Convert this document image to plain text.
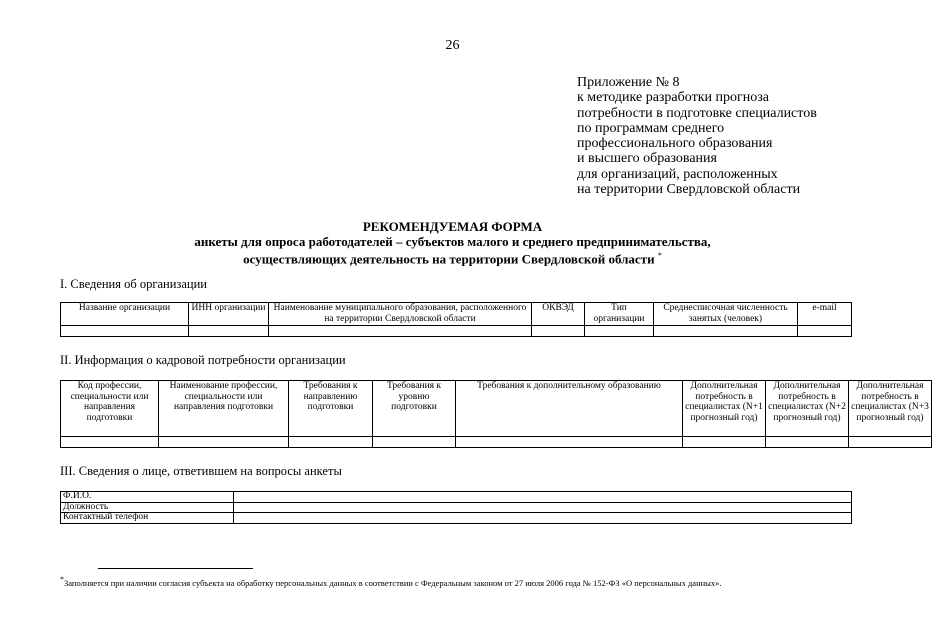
26
Приложение № 8
к методике разработки прогноза
потребности в подготовке специалистов
по программам среднего
профессионального образования
и высшего образования
для организаций, расположенных
на территории Свердловской области
РЕКОМЕНДУЕМАЯ ФОРМА
анкеты для опроса работодателей – субъектов малого и среднего предпринимательства,
осуществляющих деятельность на территории Свердловской области *
I. Сведения об организации
Название организации	ИНН организации	Наименование муниципального образования, расположенного на территории Свердловской области	ОКВЭД	Тип организации	Среднесписочная численность занятых (человек)	e-mail

II. Информация о кадровой потребности организации
Код профессии, специальности или направления подготовки	Наименование профессии, специальности или направления подготовки	Требования к направлению подготовки	Требования к уровню подготовки	Требования к дополнительному образованию	Дополнительная потребность в специалистах (N+1 прогнозный год)	Дополнительная потребность в специалистах (N+2 прогнозный год)	Дополнительная потребность в специалистах (N+3 прогнозный год)

III. Сведения о лице, ответившем на вопросы анкеты
Ф.И.О.	
Должность	
Контактный телефон	
*Заполняется при наличии согласия субъекта на обработку персональных данных в соответствии с Федеральным законом от 27 июля 2006 года № 152-ФЗ «О персональных данных».
